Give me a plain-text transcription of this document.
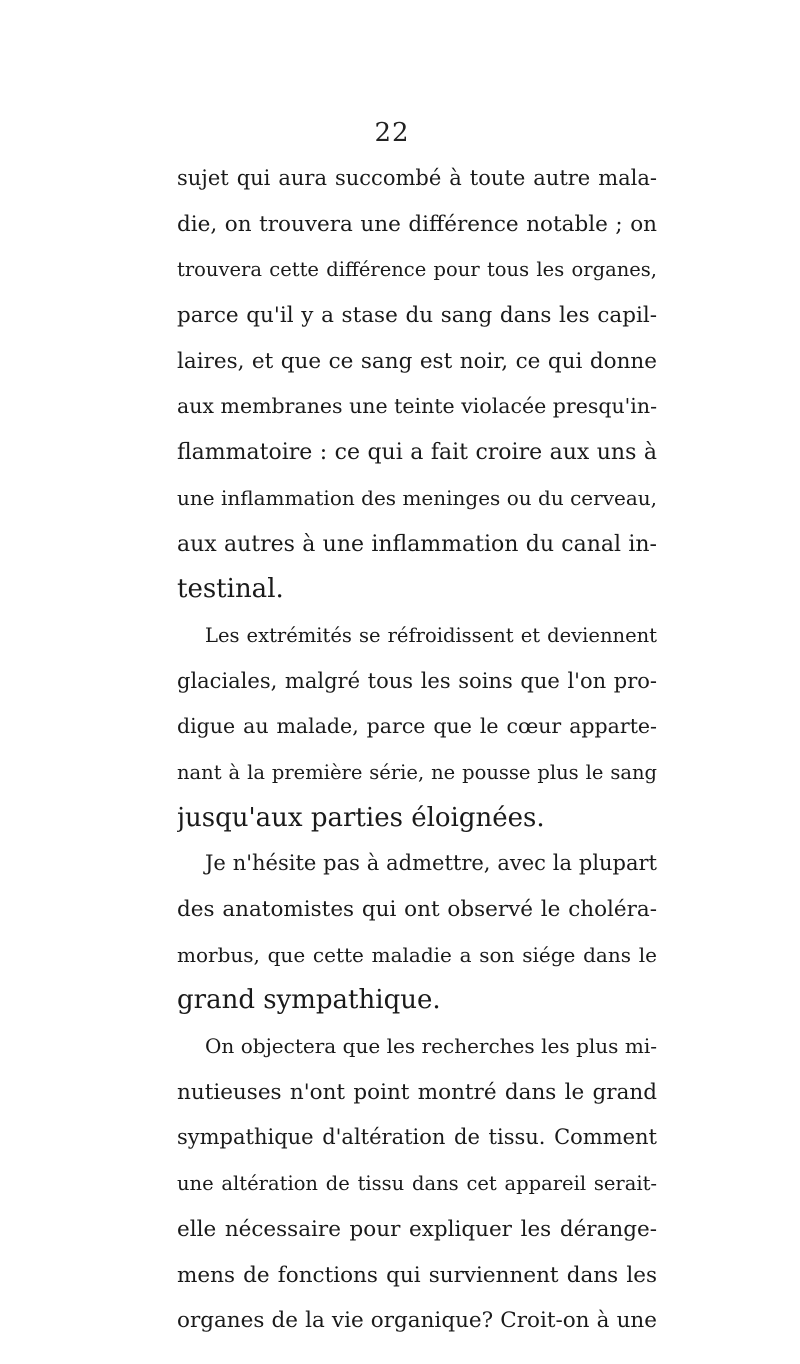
22
sujet qui aura succombé à toute autre mala-
die, on trouvera une différence notable ; on
trouvera cette différence pour tous les organes,
parce qu'il y a stase du sang dans les capil-
laires, et que ce sang est noir, ce qui donne
aux membranes une teinte violacée presqu'in-
flammatoire : ce qui a fait croire aux uns à
une inflammation des meninges ou du cerveau,
aux autres à une inflammation du canal in-
testinal.
Les extrémités se réfroidissent et deviennent
glaciales, malgré tous les soins que l'on pro-
digue au malade, parce que le cœur apparte-
nant à la première série, ne pousse plus le sang
jusqu'aux parties éloignées.
Je n'hésite pas à admettre, avec la plupart
des anatomistes qui ont observé le choléra-
morbus, que cette maladie a son siége dans le
grand sympathique.
On objectera que les recherches les plus mi-
nutieuses n'ont point montré dans le grand
sympathique d'altération de tissu. Comment
une altération de tissu dans cet appareil serait-
elle nécessaire pour expliquer les dérange-
mens de fonctions qui surviennent dans les
organes de la vie organique? Croit-on à une
